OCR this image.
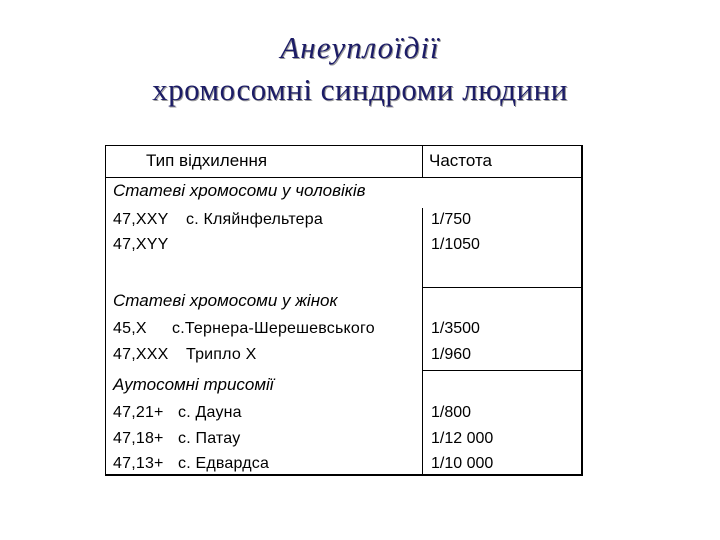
Анеуплоїдії
хромосомні синдроми людини
Тип відхилення	Частота
Статеві хромосоми у чоловіків
47,XXY с. Кляйнфельтера	1/750
47,XYY	1/1050
Статеві хромосоми у жінок
45,X с.Тернера-Шерешевського	1/3500
47,XXX Трипло Х	1/960
Аутосомні трисомії
47,21+ с. Дауна	1/800
47,18+ с. Патау	1/12 000
47,13+ с. Едвардса	1/10 000
